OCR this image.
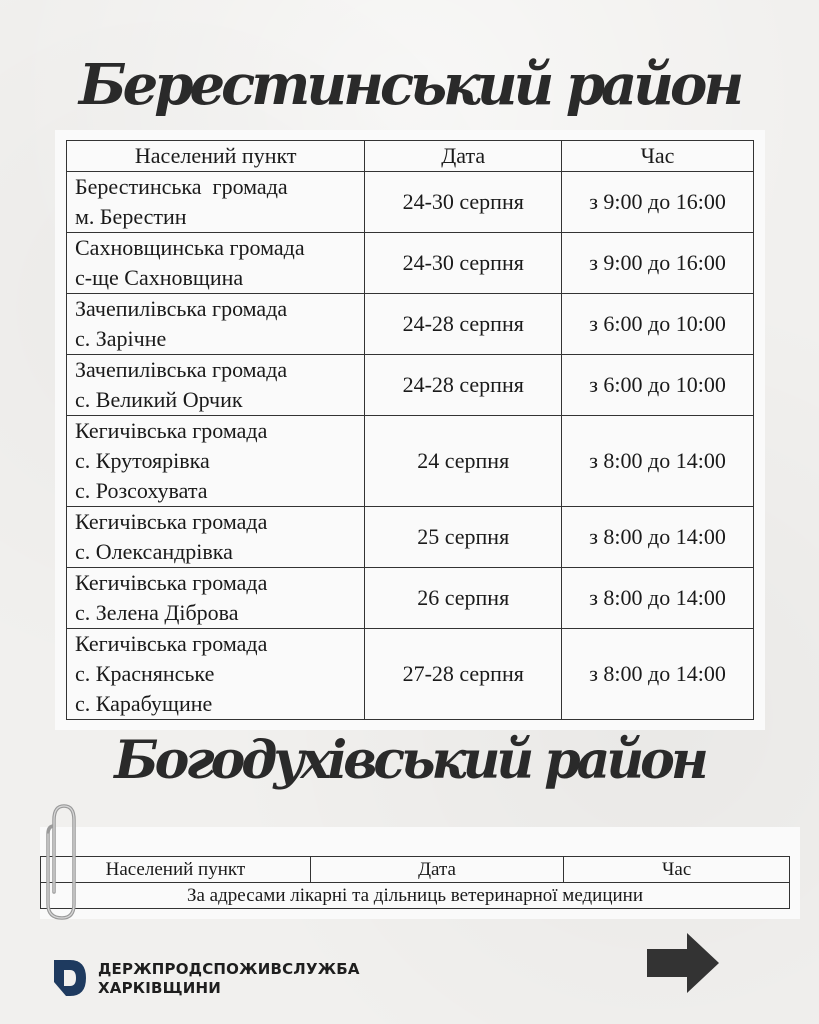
Берестинський район
Населений пункт	Дата	Час

Берестинська  громада
м. Берестин	24-30 серпня	з 9:00 до 16:00

Сахновщинська громада
с-ще Сахновщина	24-30 серпня	з 9:00 до 16:00

Зачепилівська громада
с. Зарічне	24-28 серпня	з 6:00 до 10:00

Зачепилівська громада
с. Великий Орчик	24-28 серпня	з 6:00 до 10:00

Кегичівська громада
с. Крутоярівка
с. Розсохувата	24 серпня	з 8:00 до 14:00

Кегичівська громада
с. Олександрівка	25 серпня	з 8:00 до 14:00

Кегичівська громада
с. Зелена Діброва	26 серпня	з 8:00 до 14:00

Кегичівська громада
с. Краснянське
с. Карабущине	27-28 серпня	з 8:00 до 14:00
Богодухівський район
Населений пункт	Дата	Час
За адресами лікарні та дільниць ветеринарної медицини
ДЕРЖПРОДСПОЖИВСЛУЖБА
ХАРКІВЩИНИ
